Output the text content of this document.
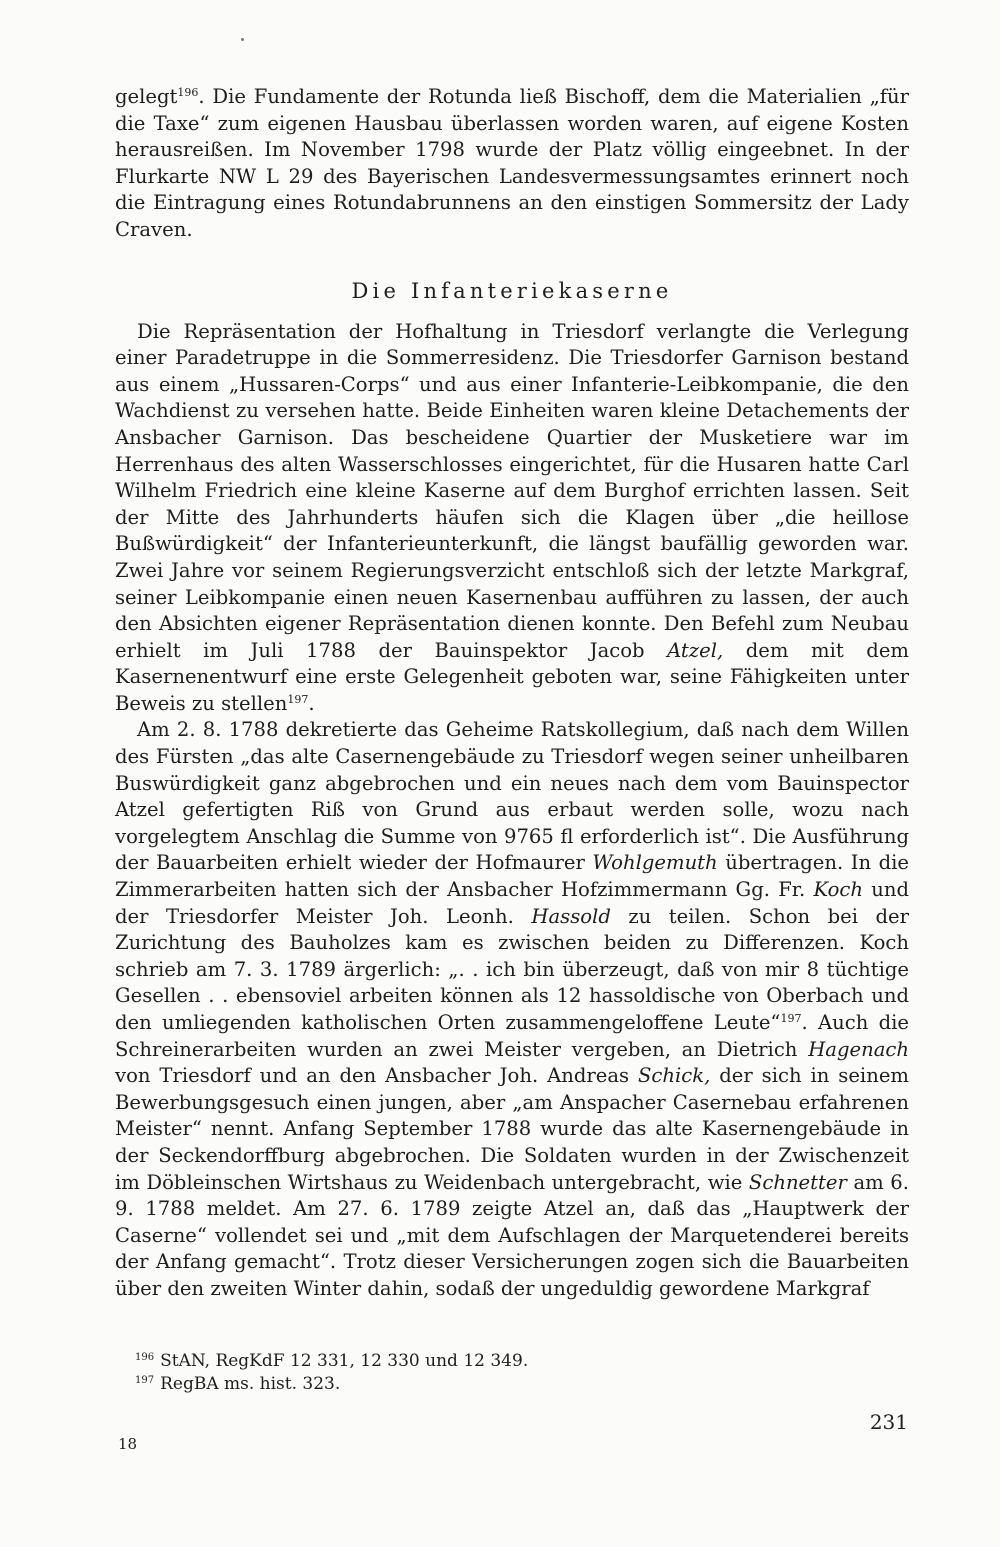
gelegt$^{196}$. Die Fundamente der Rotunda ließ Bischoff, dem die Materialien „für die Taxe“ zum eigenen Hausbau überlassen worden waren, auf eigene Kosten herausreißen. Im November 1798 wurde der Platz völlig eingeebnet. In der Flurkarte NW L 29 des Bayerischen Landesvermessungsamtes erinnert noch die Eintragung eines Rotundabrunnens an den einstigen Sommersitz der Lady Craven.

Die Infanteriekaserne

Die Repräsentation der Hofhaltung in Triesdorf verlangte die Verlegung einer Paradetruppe in die Sommerresidenz. Die Triesdorfer Garnison bestand aus einem „Hussaren-Corps“ und aus einer Infanterie-Leibkompanie, die den Wachdienst zu versehen hatte. Beide Einheiten waren kleine Detachements der Ansbacher Garnison. Das bescheidene Quartier der Musketiere war im Herrenhaus des alten Wasserschlosses eingerichtet, für die Husaren hatte Carl Wilhelm Friedrich eine kleine Kaserne auf dem Burghof errichten lassen. Seit der Mitte des Jahrhunderts häufen sich die Klagen über „die heillose Bußwürdigkeit“ der Infanterieunterkunft, die längst baufällig geworden war. Zwei Jahre vor seinem Regierungsverzicht entschloß sich der letzte Markgraf, seiner Leibkompanie einen neuen Kasernenbau aufführen zu lassen, der auch den Absichten eigener Repräsentation dienen konnte. Den Befehl zum Neubau erhielt im Juli 1788 der Bauinspektor Jacob Atzel, dem mit dem Kasernenentwurf eine erste Gelegenheit geboten war, seine Fähigkeiten unter Beweis zu stellen$^{197}$.

Am 2. 8. 1788 dekretierte das Geheime Ratskollegium, daß nach dem Willen des Fürsten „das alte Casernengebäude zu Triesdorf wegen seiner unheilbaren Buswürdigkeit ganz abgebrochen und ein neues nach dem vom Bauinspector Atzel gefertigten Riß von Grund aus erbaut werden solle, wozu nach vorgelegtem Anschlag die Summe von 9765 fl erforderlich ist“. Die Ausführung der Bauarbeiten erhielt wieder der Hofmaurer Wohlgemuth übertragen. In die Zimmerarbeiten hatten sich der Ansbacher Hofzimmermann Gg. Fr. Koch und der Triesdorfer Meister Joh. Leonh. Hassold zu teilen. Schon bei der Zurichtung des Bauholzes kam es zwischen beiden zu Differenzen. Koch schrieb am 7. 3. 1789 ärgerlich: „. . ich bin überzeugt, daß von mir 8 tüchtige Gesellen . . ebensoviel arbeiten können als 12 hassoldische von Oberbach und den umliegenden katholischen Orten zusammengeloffene Leute“$^{197}$. Auch die Schreinerarbeiten wurden an zwei Meister vergeben, an Dietrich Hagenach von Triesdorf und an den Ansbacher Joh. Andreas Schick, der sich in seinem Bewerbungsgesuch einen jungen, aber „am Anspacher Casernebau erfahrenen Meister“ nennt. Anfang September 1788 wurde das alte Kasernengebäude in der Seckendorffburg abgebrochen. Die Soldaten wurden in der Zwischenzeit im Döbleinschen Wirtshaus zu Weidenbach untergebracht, wie Schnetter am 6. 9. 1788 meldet. Am 27. 6. 1789 zeigte Atzel an, daß das „Hauptwerk der Caserne“ vollendet sei und „mit dem Aufschlagen der Marquetenderei bereits der Anfang gemacht“. Trotz dieser Versicherungen zogen sich die Bauarbeiten über den zweiten Winter dahin, sodaß der ungeduldig gewordene Markgraf

$^{196}$ StAN, RegKdF 12 331, 12 330 und 12 349.
$^{197}$ RegBA ms. hist. 323.
231
18
